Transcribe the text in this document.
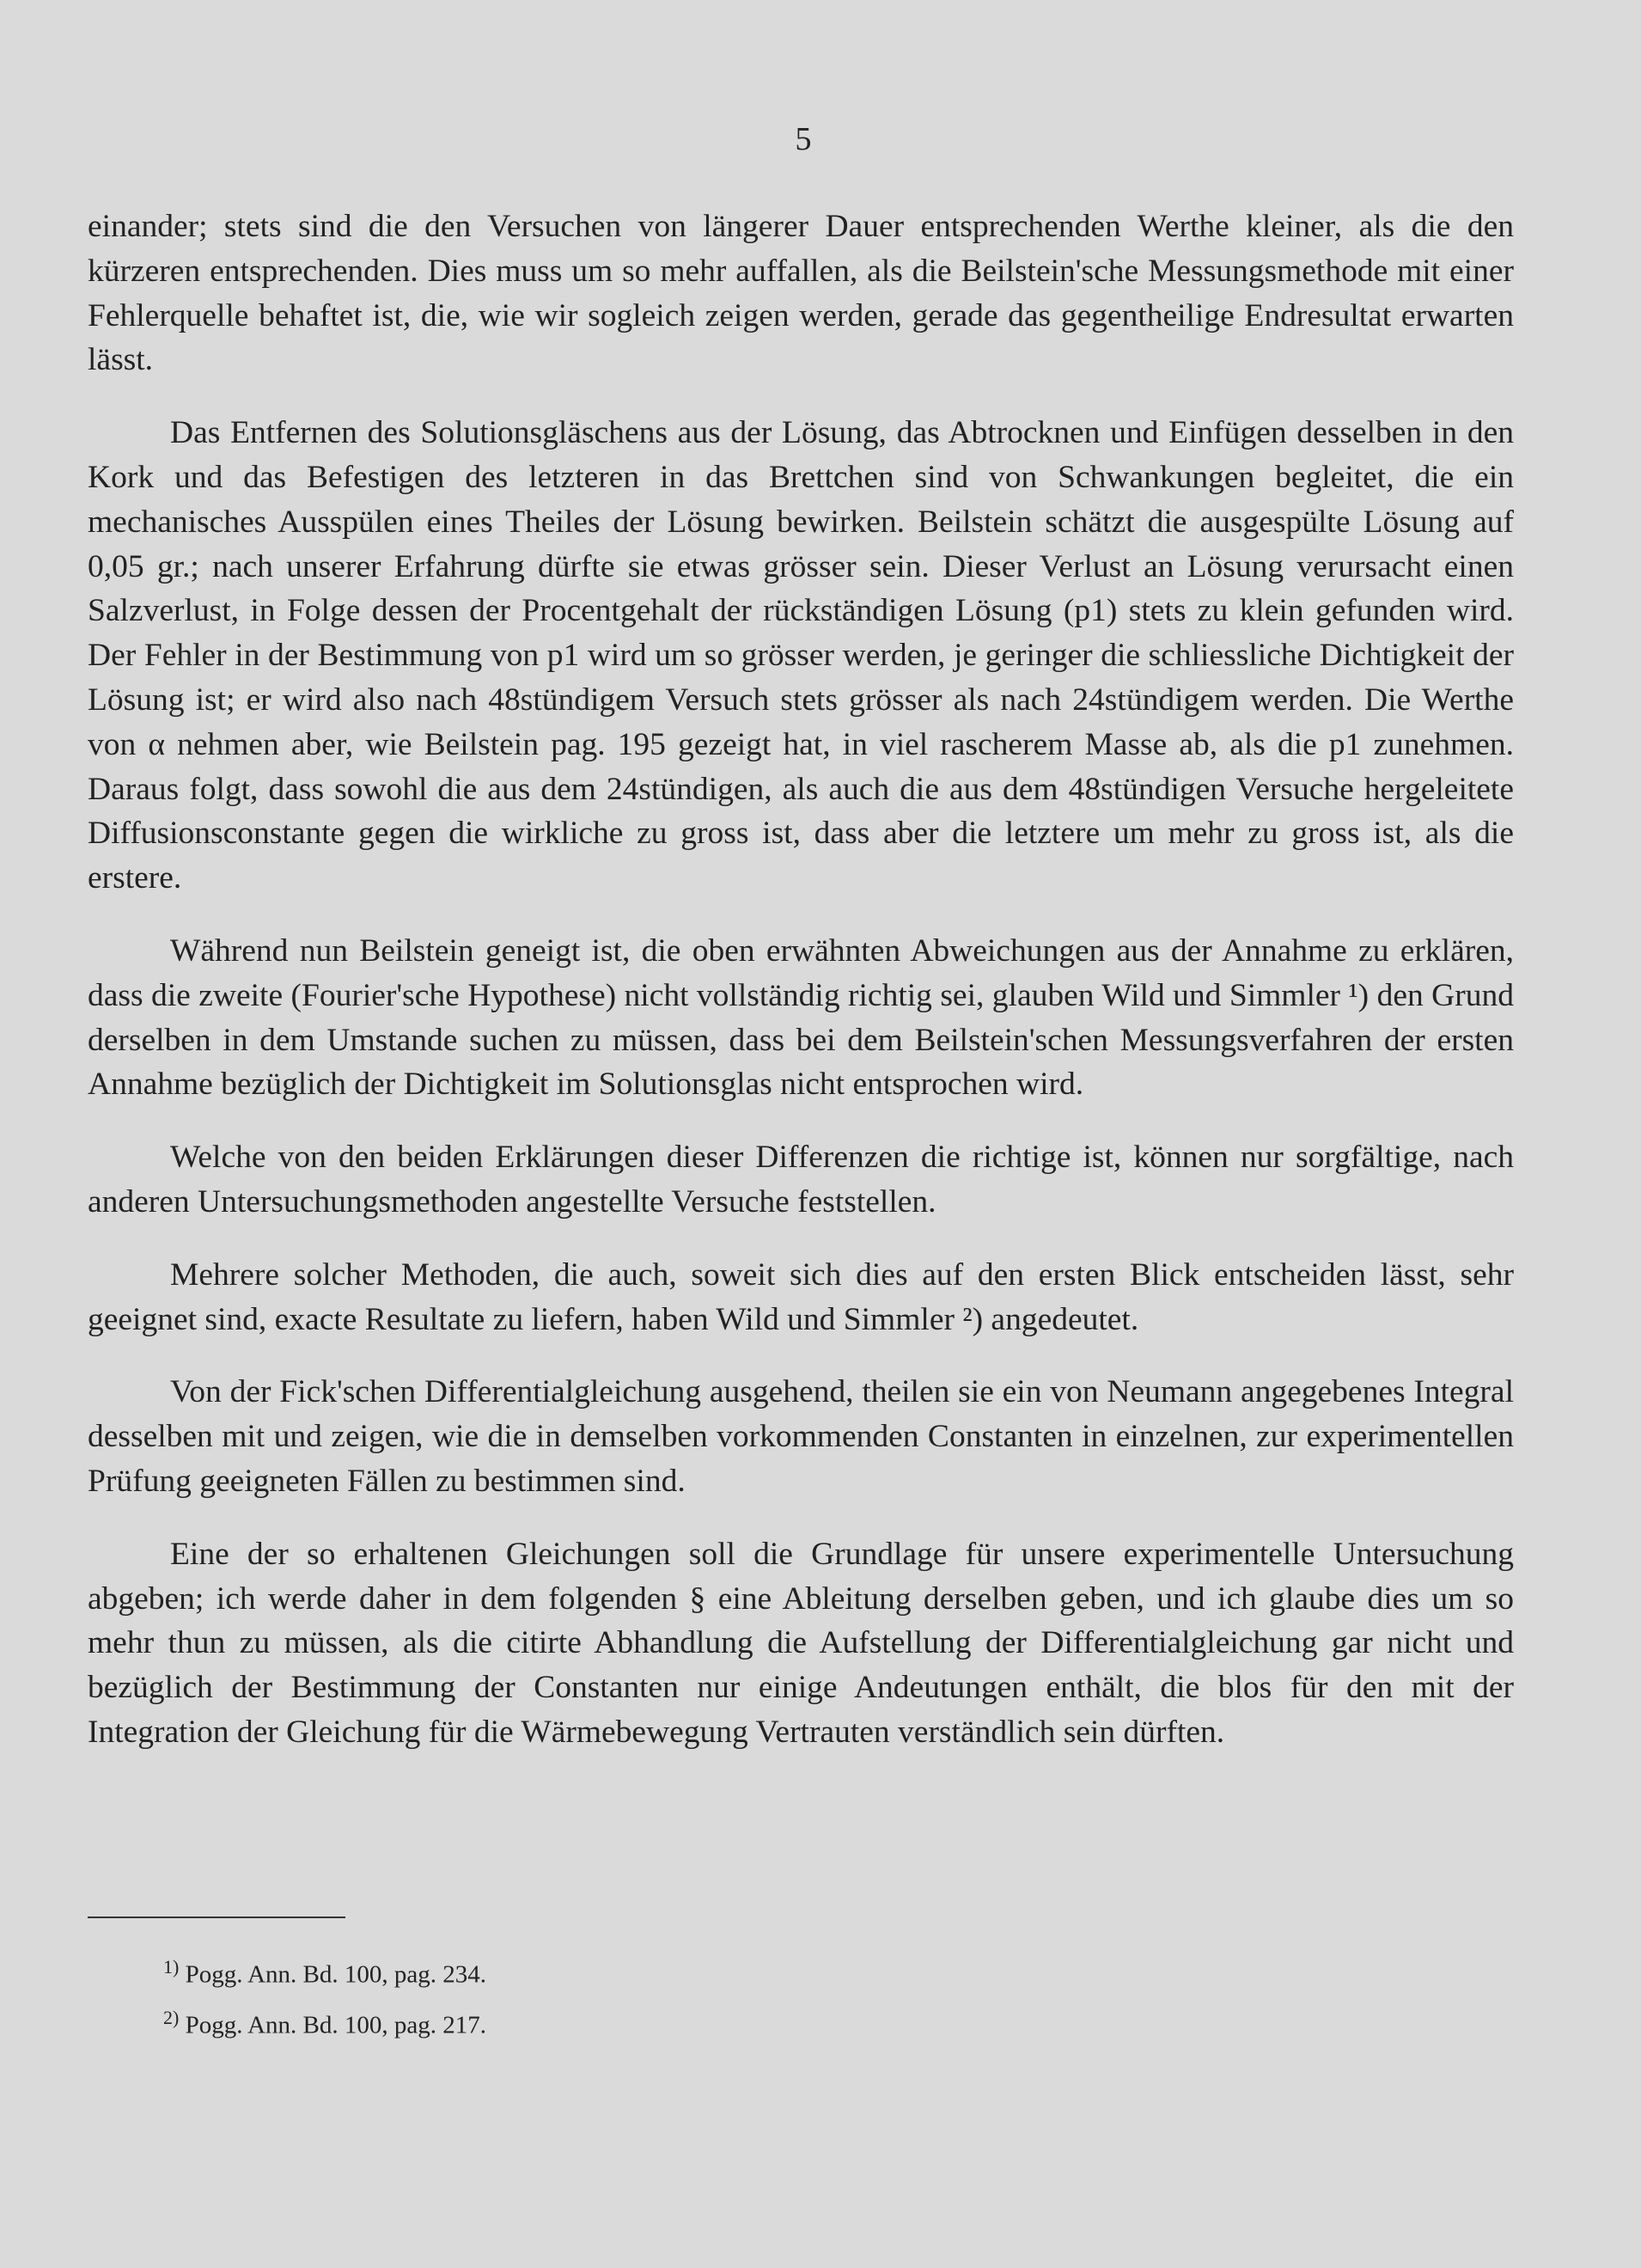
5

einander; stets sind die den Versuchen von längerer Dauer entsprechenden Werthe kleiner, als die den kürzeren entsprechenden. Dies muss um so mehr auffallen, als die Beilstein'sche Messungsmethode mit einer Fehlerquelle behaftet ist, die, wie wir sogleich zeigen werden, gerade das gegentheilige Endresultat erwarten lässt.

Das Entfernen des Solutionsgläschens aus der Lösung, das Abtrocknen und Einfügen desselben in den Kork und das Befestigen des letzteren in das Brettchen sind von Schwankungen begleitet, die ein mechanisches Ausspülen eines Theiles der Lösung bewirken. Beilstein schätzt die ausgespülte Lösung auf 0,05 gr.; nach unserer Erfahrung dürfte sie etwas grösser sein. Dieser Verlust an Lösung verursacht einen Salzverlust, in Folge dessen der Procentgehalt der rückständigen Lösung (p1) stets zu klein gefunden wird. Der Fehler in der Bestimmung von p1 wird um so grösser werden, je geringer die schliessliche Dichtigkeit der Lösung ist; er wird also nach 48stündigem Versuch stets grösser als nach 24stündigem werden. Die Werthe von α nehmen aber, wie Beilstein pag. 195 gezeigt hat, in viel rascherem Masse ab, als die p1 zunehmen. Daraus folgt, dass sowohl die aus dem 24stündigen, als auch die aus dem 48stündigen Versuche hergeleitete Diffusionsconstante gegen die wirkliche zu gross ist, dass aber die letztere um mehr zu gross ist, als die erstere.

Während nun Beilstein geneigt ist, die oben erwähnten Abweichungen aus der Annahme zu erklären, dass die zweite (Fourier'sche Hypothese) nicht vollständig richtig sei, glauben Wild und Simmler ¹) den Grund derselben in dem Umstande suchen zu müssen, dass bei dem Beilstein'schen Messungsverfahren der ersten Annahme bezüglich der Dichtigkeit im Solutionsglas nicht entsprochen wird.

Welche von den beiden Erklärungen dieser Differenzen die richtige ist, können nur sorgfältige, nach anderen Untersuchungsmethoden angestellte Versuche feststellen.

Mehrere solcher Methoden, die auch, soweit sich dies auf den ersten Blick entscheiden lässt, sehr geeignet sind, exacte Resultate zu liefern, haben Wild und Simmler ²) angedeutet.

Von der Fick'schen Differentialgleichung ausgehend, theilen sie ein von Neumann angegebenes Integral desselben mit und zeigen, wie die in demselben vorkommenden Constanten in einzelnen, zur experimentellen Prüfung geeigneten Fällen zu bestimmen sind.

Eine der so erhaltenen Gleichungen soll die Grundlage für unsere experimentelle Untersuchung abgeben; ich werde daher in dem folgenden § eine Ableitung derselben geben, und ich glaube dies um so mehr thun zu müssen, als die citirte Abhandlung die Aufstellung der Differentialgleichung gar nicht und bezüglich der Bestimmung der Constanten nur einige Andeutungen enthält, die blos für den mit der Integration der Gleichung für die Wärmebewegung Vertrauten verständlich sein dürften.

$^{1)}$ Pogg. Ann. Bd. 100, pag. 234.

$^{2)}$ Pogg. Ann. Bd. 100, pag. 217.
